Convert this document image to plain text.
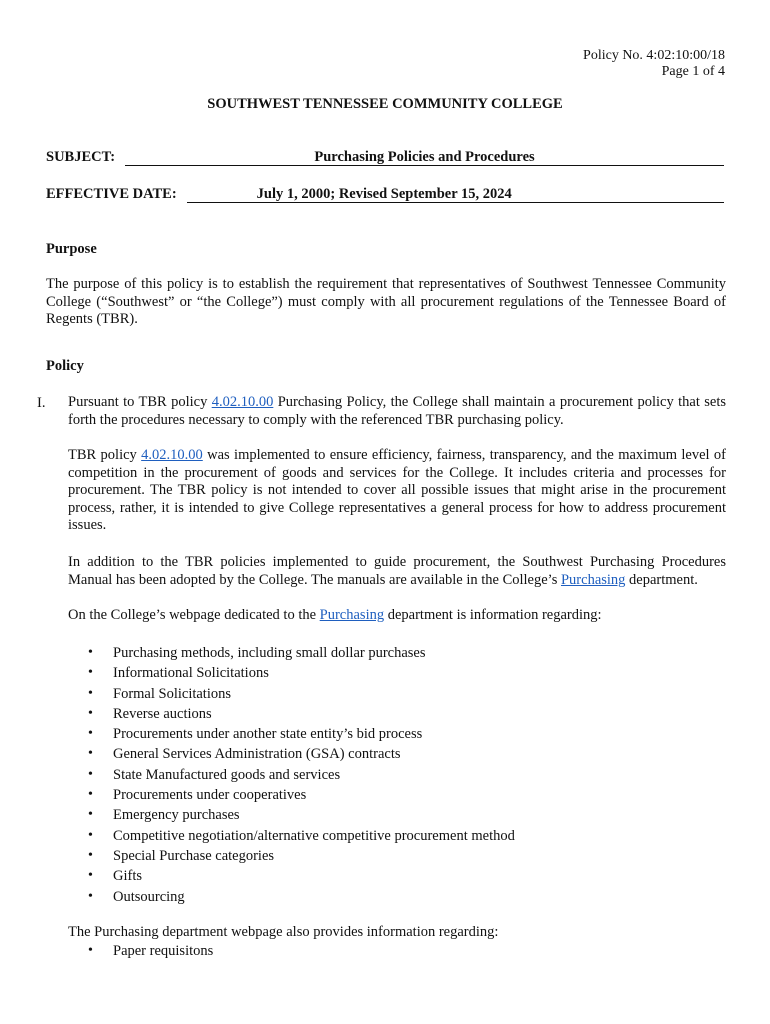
Policy No. 4:02:10:00/18
Page 1 of 4
SOUTHWEST TENNESSEE COMMUNITY COLLEGE
SUBJECT:	Purchasing Policies and Procedures
EFFECTIVE DATE:	July 1, 2000; Revised September 15, 2024
Purpose
The purpose of this policy is to establish the requirement that representatives of Southwest Tennessee Community College (“Southwest” or “the College”) must comply with all procurement regulations of the Tennessee Board of Regents (TBR).
Policy
I. Pursuant to TBR policy 4.02.10.00 Purchasing Policy, the College shall maintain a procurement policy that sets forth the procedures necessary to comply with the referenced TBR purchasing policy.
TBR policy 4.02.10.00 was implemented to ensure efficiency, fairness, transparency, and the maximum level of competition in the procurement of goods and services for the College. It includes criteria and processes for procurement. The TBR policy is not intended to cover all possible issues that might arise in the procurement process, rather, it is intended to give College representatives a general process for how to address procurement issues.
In addition to the TBR policies implemented to guide procurement, the Southwest Purchasing Procedures Manual has been adopted by the College. The manuals are available in the College’s Purchasing department.
On the College’s webpage dedicated to the Purchasing department is information regarding:
• Purchasing methods, including small dollar purchases
• Informational Solicitations
• Formal Solicitations
• Reverse auctions
• Procurements under another state entity’s bid process
• General Services Administration (GSA) contracts
• State Manufactured goods and services
• Procurements under cooperatives
• Emergency purchases
• Competitive negotiation/alternative competitive procurement method
• Special Purchase categories
• Gifts
• Outsourcing
The Purchasing department webpage also provides information regarding:
• Paper requisitons
